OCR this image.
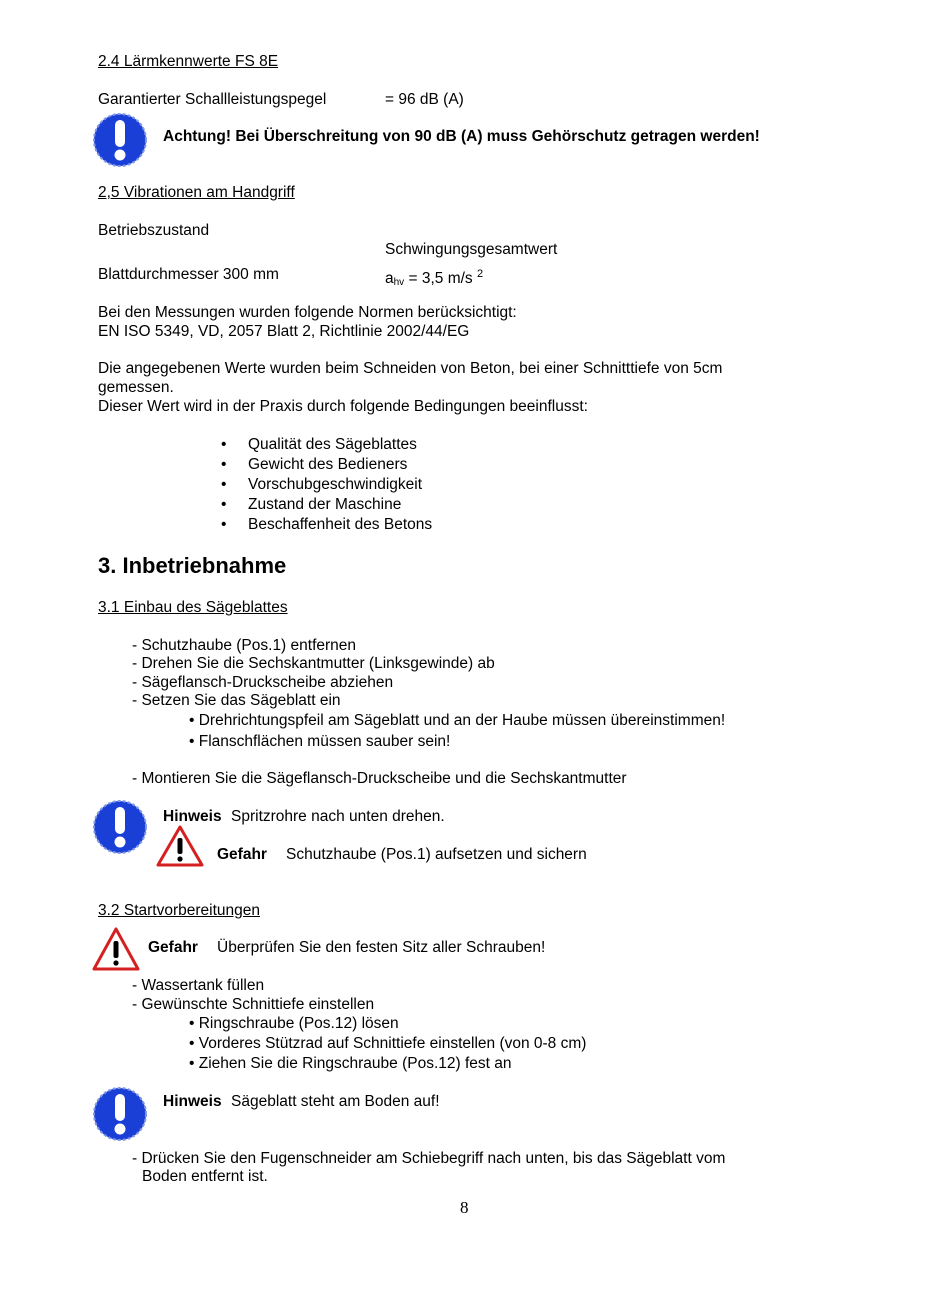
2.4 Lärmkennwerte FS 8E
Garantierter Schallleistungspegel	= 96 dB (A)
Achtung! Bei Überschreitung von 90 dB (A) muss Gehörschutz getragen werden!
2,5 Vibrationen am Handgriff
Betriebszustand
Schwingungsgesamtwert
Blattdurchmesser 300 mm	$a_{hv} = 3,5$ m/s $^2$
Bei den Messungen wurden folgende Normen berücksichtigt:
EN ISO 5349, VD, 2057 Blatt 2, Richtlinie 2002/44/EG
Die angegebenen Werte wurden beim Schneiden von Beton, bei einer Schnitttiefe von 5cm
gemessen.
Dieser Wert wird in der Praxis durch folgende Bedingungen beeinflusst:
• Qualität des Sägeblattes
• Gewicht des Bedieners
• Vorschubgeschwindigkeit
• Zustand der Maschine
• Beschaffenheit des Betons
3. Inbetriebnahme
3.1 Einbau des Sägeblattes
- Schutzhaube (Pos.1) entfernen
- Drehen Sie die Sechskantmutter (Linksgewinde) ab
- Sägeflansch-Druckscheibe abziehen
- Setzen Sie das Sägeblatt ein
• Drehrichtungspfeil am Sägeblatt und an der Haube müssen übereinstimmen!
• Flanschflächen müssen sauber sein!
- Montieren Sie die Sägeflansch-Druckscheibe und die Sechskantmutter
Hinweis Spritzrohre nach unten drehen.
Gefahr Schutzhaube (Pos.1) aufsetzen und sichern
3.2 Startvorbereitungen
Gefahr Überprüfen Sie den festen Sitz aller Schrauben!
- Wassertank füllen
- Gewünschte Schnittiefe einstellen
• Ringschraube (Pos.12) lösen
• Vorderes Stützrad auf Schnittiefe einstellen (von 0-8 cm)
• Ziehen Sie die Ringschraube (Pos.12) fest an
Hinweis Sägeblatt steht am Boden auf!
- Drücken Sie den Fugenschneider am Schiebegriff nach unten, bis das Sägeblatt vom
Boden entfernt ist.
8
